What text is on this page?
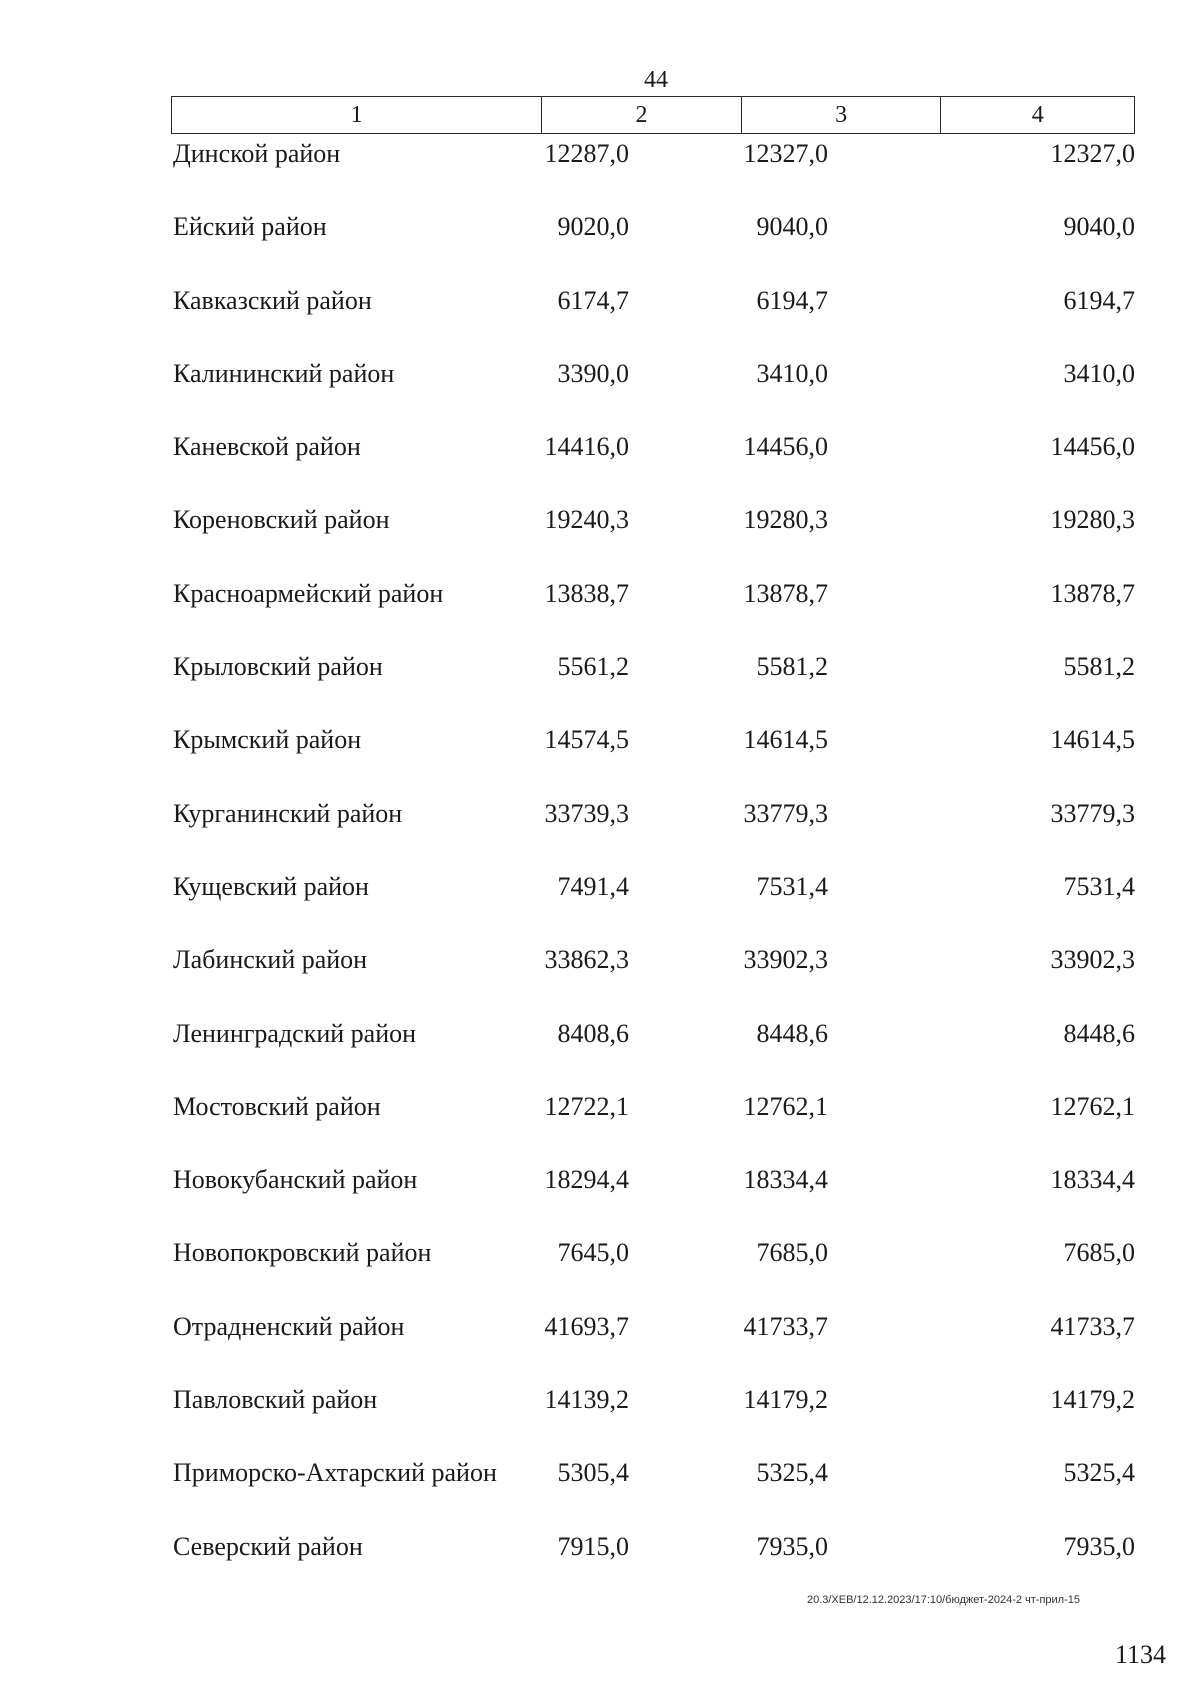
44
1	2	3	4
Динской район	12287,0	12327,0	12327,0
Ейский район	9020,0	9040,0	9040,0
Кавказский район	6174,7	6194,7	6194,7
Калининский район	3390,0	3410,0	3410,0
Каневской район	14416,0	14456,0	14456,0
Кореновский район	19240,3	19280,3	19280,3
Красноармейский район	13838,7	13878,7	13878,7
Крыловский район	5561,2	5581,2	5581,2
Крымский район	14574,5	14614,5	14614,5
Курганинский район	33739,3	33779,3	33779,3
Кущевский район	7491,4	7531,4	7531,4
Лабинский район	33862,3	33902,3	33902,3
Ленинградский район	8408,6	8448,6	8448,6
Мостовский район	12722,1	12762,1	12762,1
Новокубанский район	18294,4	18334,4	18334,4
Новопокровский район	7645,0	7685,0	7685,0
Отрадненский район	41693,7	41733,7	41733,7
Павловский район	14139,2	14179,2	14179,2
Приморско-Ахтарский район 5305,4	5325,4	5325,4
Северский район	7915,0	7935,0	7935,0
20.3/ХЕВ/12.12.2023/17:10/бюджет-2024-2 чт-прил-15
1134
